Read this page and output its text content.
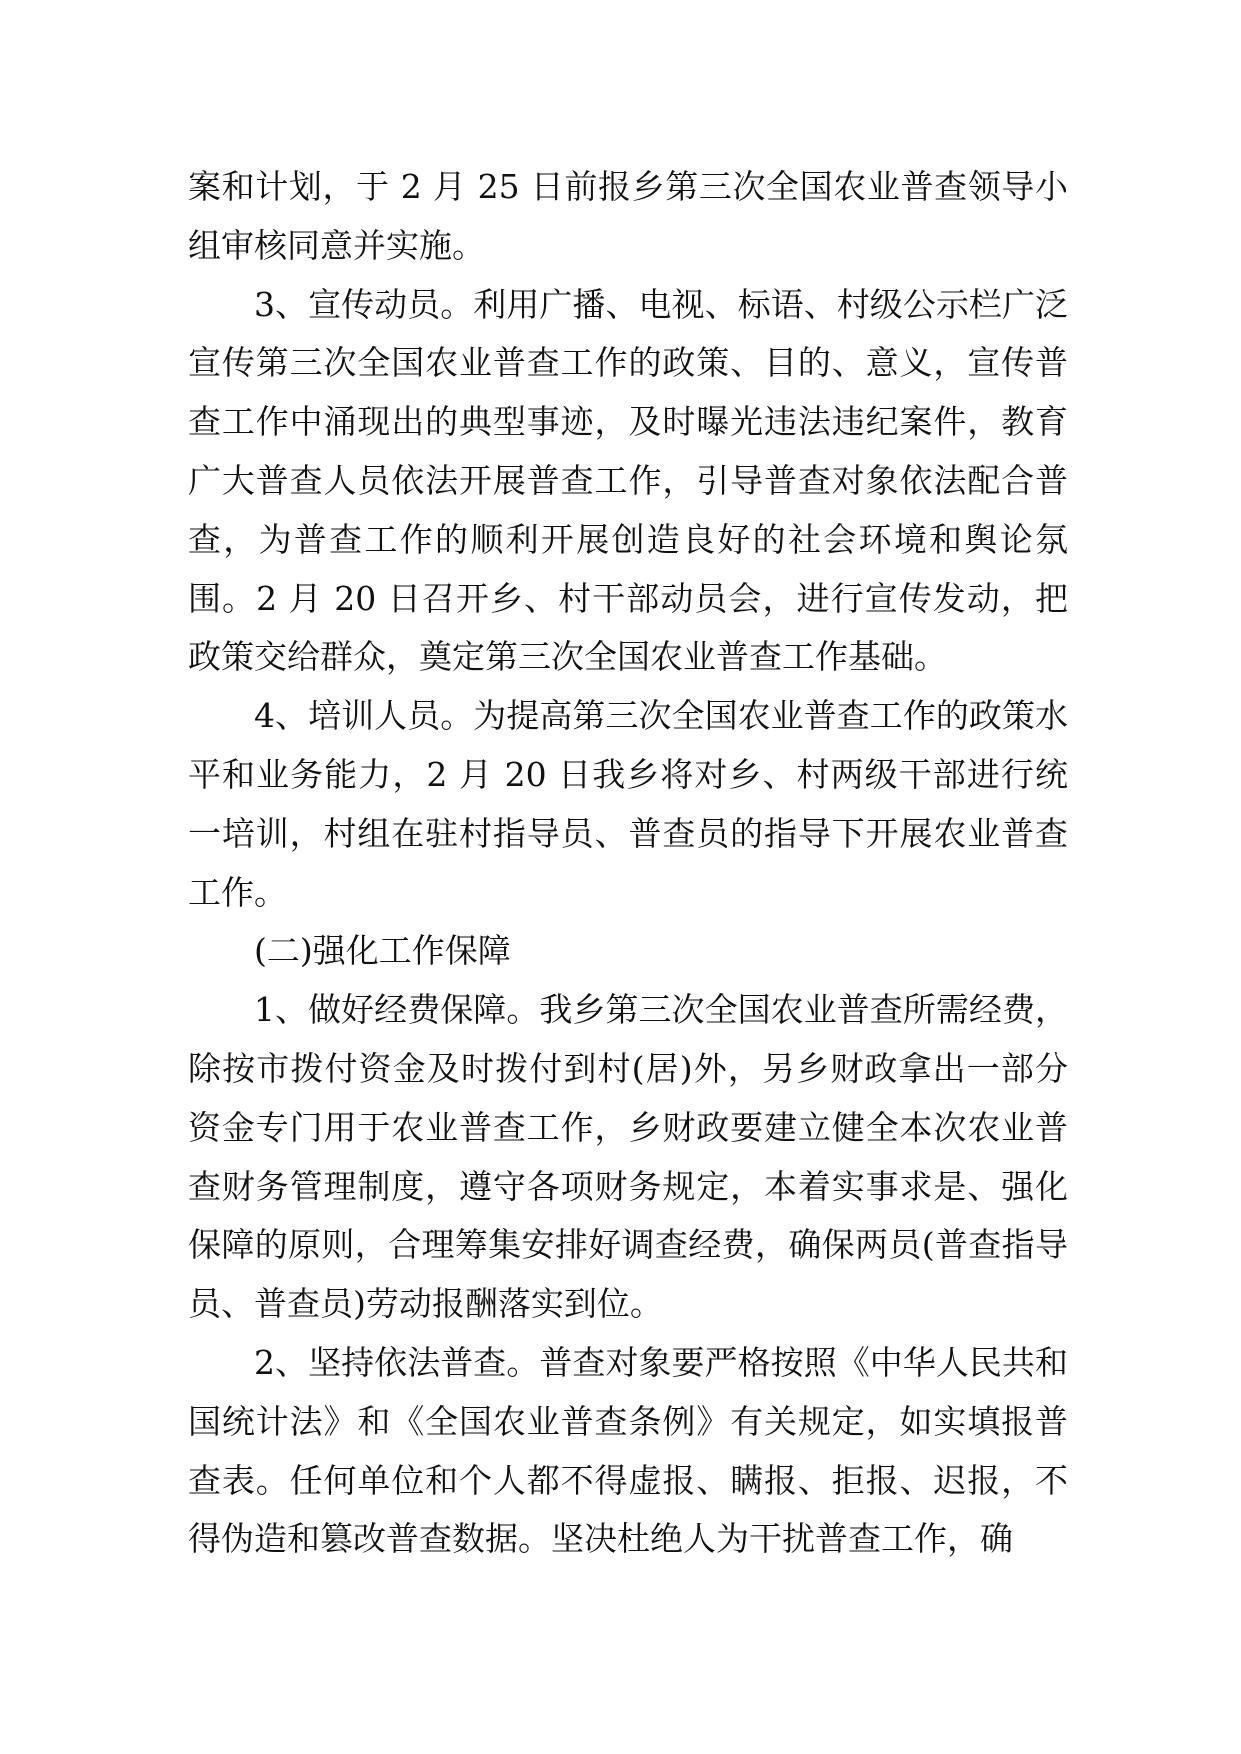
案和计划，于 2 月 25 日前报乡第三次全国农业普查领导小组审核同意并实施。

3、宣传动员。利用广播、电视、标语、村级公示栏广泛宣传第三次全国农业普查工作的政策、目的、意义，宣传普查工作中涌现出的典型事迹，及时曝光违法违纪案件，教育广大普查人员依法开展普查工作，引导普查对象依法配合普查，为普查工作的顺利开展创造良好的社会环境和舆论氛围。2 月 20 日召开乡、村干部动员会，进行宣传发动，把政策交给群众，奠定第三次全国农业普查工作基础。

4、培训人员。为提高第三次全国农业普查工作的政策水平和业务能力，2 月 20 日我乡将对乡、村两级干部进行统一培训，村组在驻村指导员、普查员的指导下开展农业普查工作。

(二)强化工作保障

1、做好经费保障。我乡第三次全国农业普查所需经费，除按市拨付资金及时拨付到村(居)外，另乡财政拿出一部分资金专门用于农业普查工作，乡财政要建立健全本次农业普查财务管理制度，遵守各项财务规定，本着实事求是、强化保障的原则，合理筹集安排好调查经费，确保两员(普查指导员、普查员)劳动报酬落实到位。

2、坚持依法普查。普查对象要严格按照《中华人民共和国统计法》和《全国农业普查条例》有关规定，如实填报普查表。任何单位和个人都不得虚报、瞒报、拒报、迟报，不得伪造和篡改普查数据。坚决杜绝人为干扰普查工作，确
